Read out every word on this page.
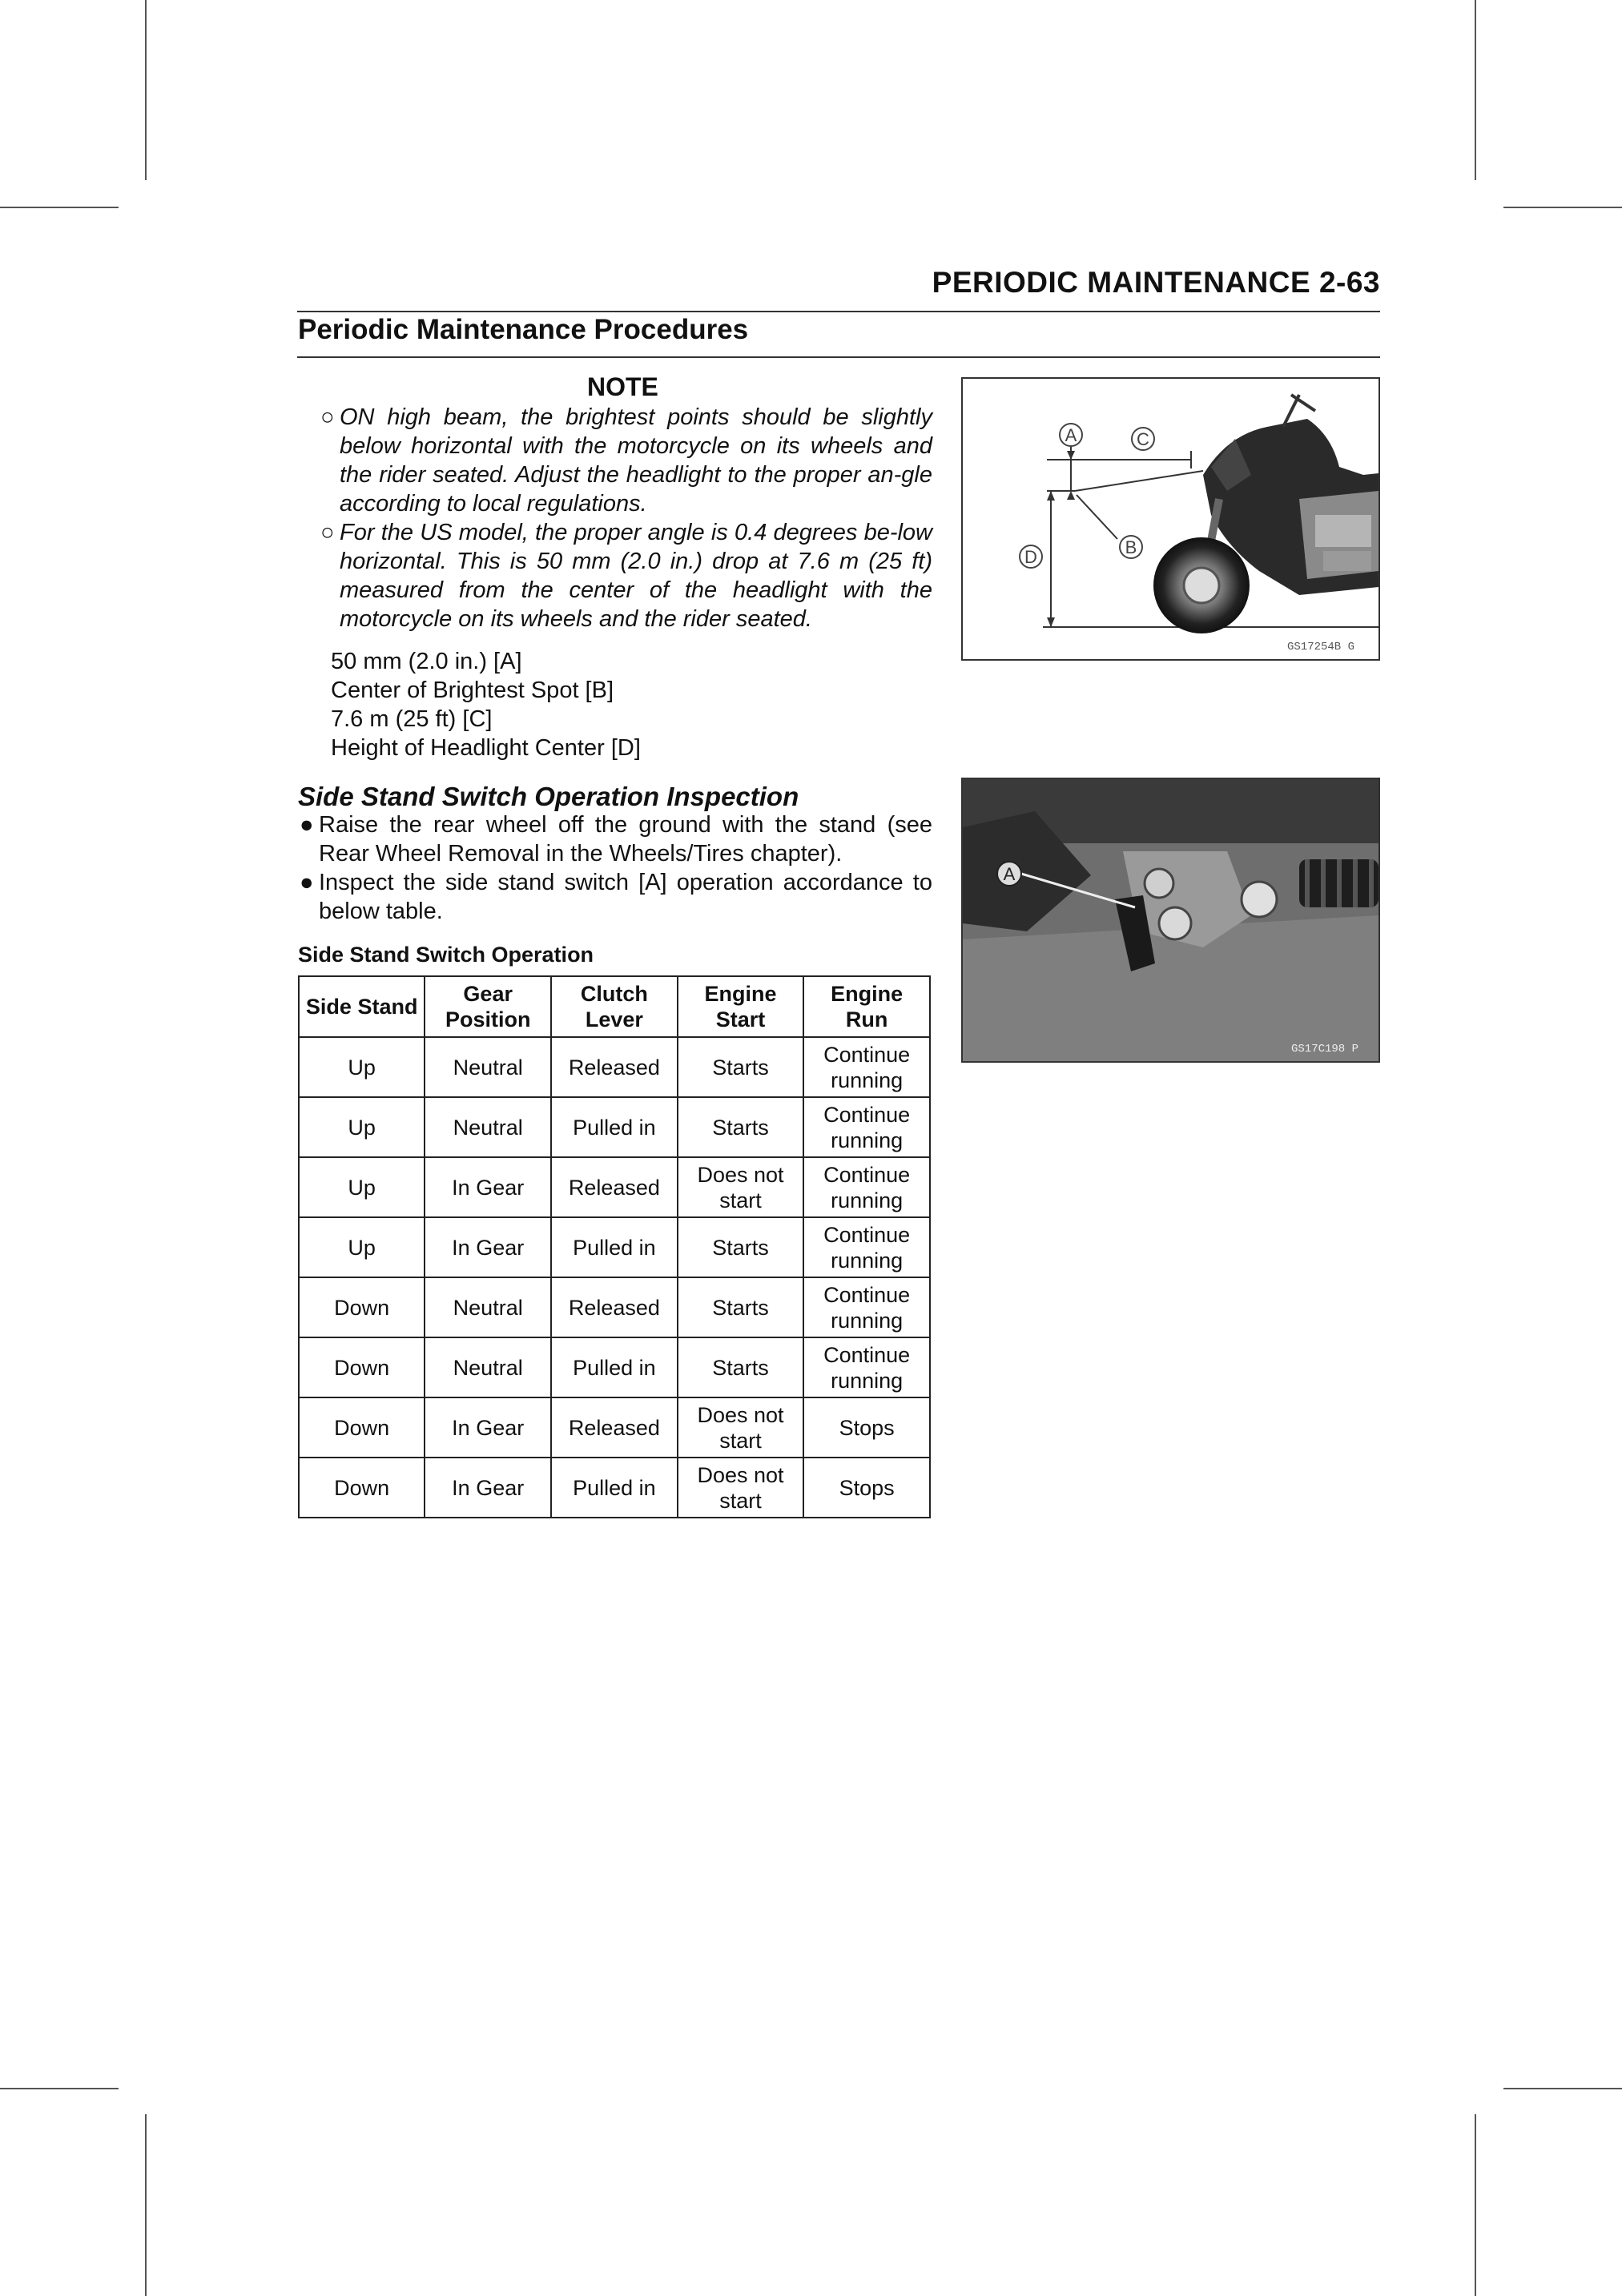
PERIODIC MAINTENANCE 2-63
Periodic Maintenance Procedures
NOTE
○ ON high beam, the brightest points should be slightly below horizontal with the motorcycle on its wheels and the rider seated. Adjust the headlight to the proper an-gle according to local regulations.
○ For the US model, the proper angle is 0.4 degrees be-low horizontal. This is 50 mm (2.0 in.) drop at 7.6 m (25 ft) measured from the center of the headlight with the motorcycle on its wheels and the rider seated.
50 mm (2.0 in.) [A]
Center of Brightest Spot [B]
7.6 m (25 ft) [C]
Height of Headlight Center [D]
A	C
B
D
GS17254B G
Side Stand Switch Operation Inspection
● Raise the rear wheel off the ground with the stand (see Rear Wheel Removal in the Wheels/Tires chapter).
● Inspect the side stand switch [A] operation accordance to below table.
A
GS17C198 P
Side Stand Switch Operation
Side Stand	Gear Position	Clutch Lever	Engine Start	Engine Run
Up	Neutral	Released	Starts	Continue running
Up	Neutral	Pulled in	Starts	Continue running
Up	In Gear	Released	Does not start	Continue running
Up	In Gear	Pulled in	Starts	Continue running
Down	Neutral	Released	Starts	Continue running
Down	Neutral	Pulled in	Starts	Continue running
Down	In Gear	Released	Does not start	Stops
Down	In Gear	Pulled in	Does not start	Stops
